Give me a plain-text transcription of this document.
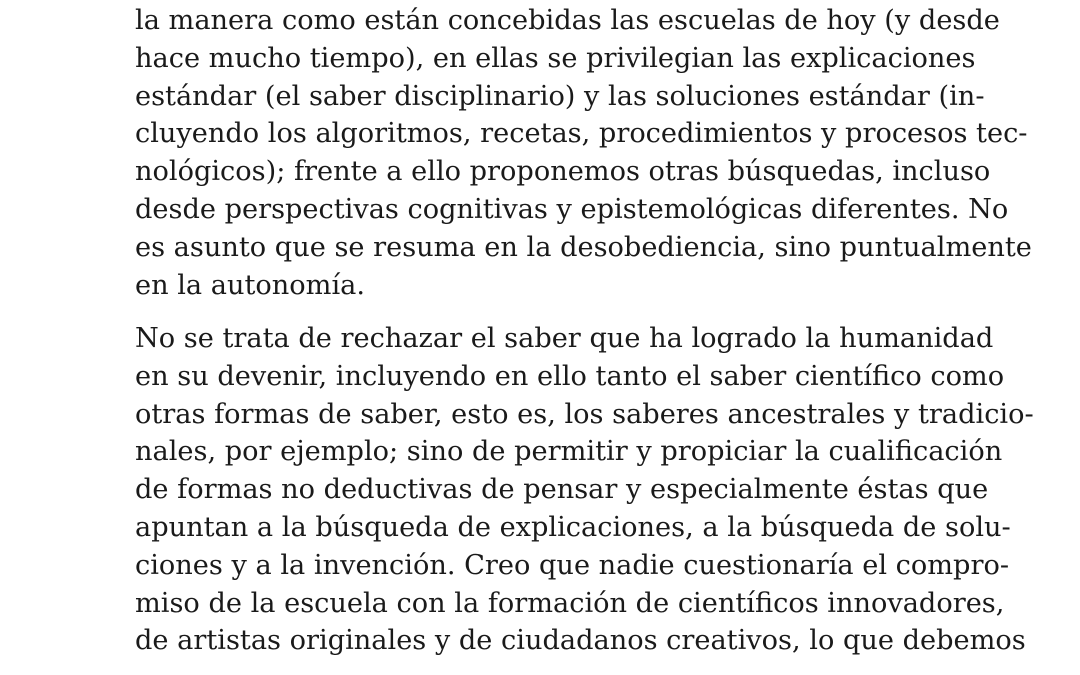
la manera como están concebidas las escuelas de hoy (y desde
hace mucho tiempo), en ellas se privilegian las explicaciones
estándar (el saber disciplinario) y las soluciones estándar (in-
cluyendo los algoritmos, recetas, procedimientos y procesos tec-
nológicos); frente a ello proponemos otras búsquedas, incluso
desde perspectivas cognitivas y epistemológicas diferentes. No
es asunto que se resuma en la desobediencia, sino puntualmente
en la autonomía.
No se trata de rechazar el saber que ha logrado la humanidad
en su devenir, incluyendo en ello tanto el saber científico como
otras formas de saber, esto es, los saberes ancestrales y tradicio-
nales, por ejemplo; sino de permitir y propiciar la cualificación
de formas no deductivas de pensar y especialmente éstas que
apuntan a la búsqueda de explicaciones, a la búsqueda de solu-
ciones y a la invención. Creo que nadie cuestionaría el compro-
miso de la escuela con la formación de científicos innovadores,
de artistas originales y de ciudadanos creativos, lo que debemos
